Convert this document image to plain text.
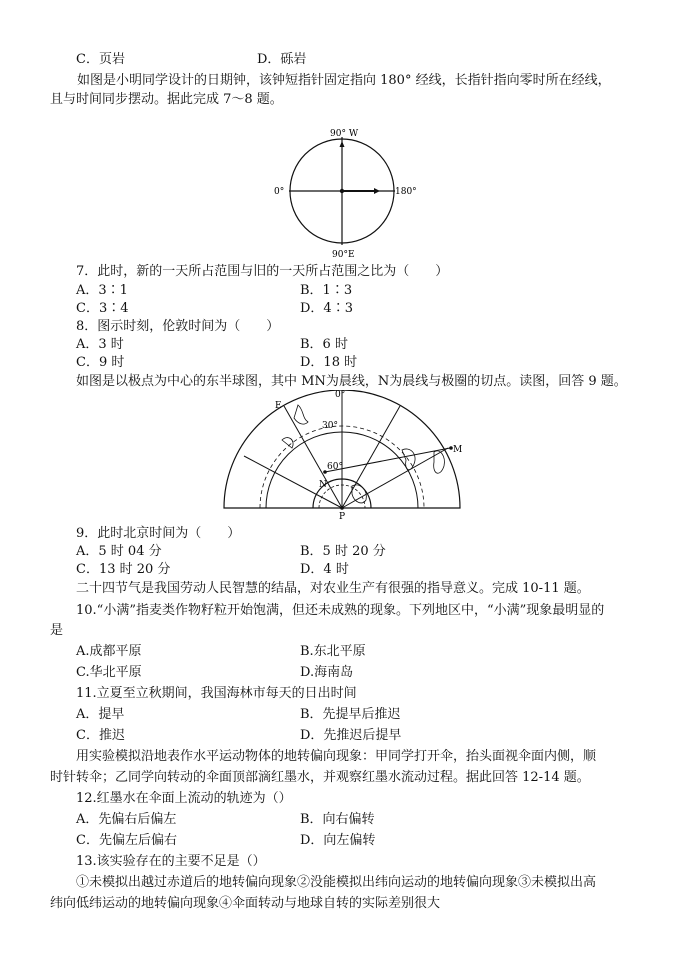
C．页岩	D．砾岩
如图是小明同学设计的日期钟，该钟短指针固定指向 180° 经线，长指针指向零时所在经线，
且与时间同步摆动。据此完成 7～8 题。
90° W
90°E
0°	180°
7．此时，新的一天所占范围与旧的一天所占范围之比为（　　）
A．3∶1	B．1∶3
C．3∶4	D．4∶3
8．图示时刻，伦敦时间为（　　）
A．3 时	B．6 时
C．9 时	D．18 时
如图是以极点为中心的东半球图，其中 MN为晨线，N为晨线与极圈的切点。读图，回答 9 题。
0°
30°
60°
E
M
N
P
9．此时北京时间为（　　）
A．5 时 04 分	B．5 时 20 分
C．13 时 20 分	D．4 时
二十四节气是我国劳动人民智慧的结晶，对农业生产有很强的指导意义。完成 10-11 题。
10.“小满”指麦类作物籽粒开始饱满，但还未成熟的现象。下列地区中，“小满”现象最明显的
是
A.成都平原	B.东北平原
C.华北平原	D.海南岛
11.立夏至立秋期间，我国海林市每天的日出时间
A．提早	B．先提早后推迟
C．推迟	D．先推迟后提早
用实验模拟沿地表作水平运动物体的地转偏向现象：甲同学打开伞，抬头面视伞面内侧，顺
时针转伞；乙同学向转动的伞面顶部滴红墨水，并观察红墨水流动过程。据此回答 12-14 题。
12.红墨水在伞面上流动的轨迹为（）
A．先偏右后偏左	B．向右偏转
C．先偏左后偏右	D．向左偏转
13.该实验存在的主要不足是（）
①未模拟出越过赤道后的地转偏向现象②没能模拟出纬向运动的地转偏向现象③未模拟出高
纬向低纬运动的地转偏向现象④伞面转动与地球自转的实际差别很大
